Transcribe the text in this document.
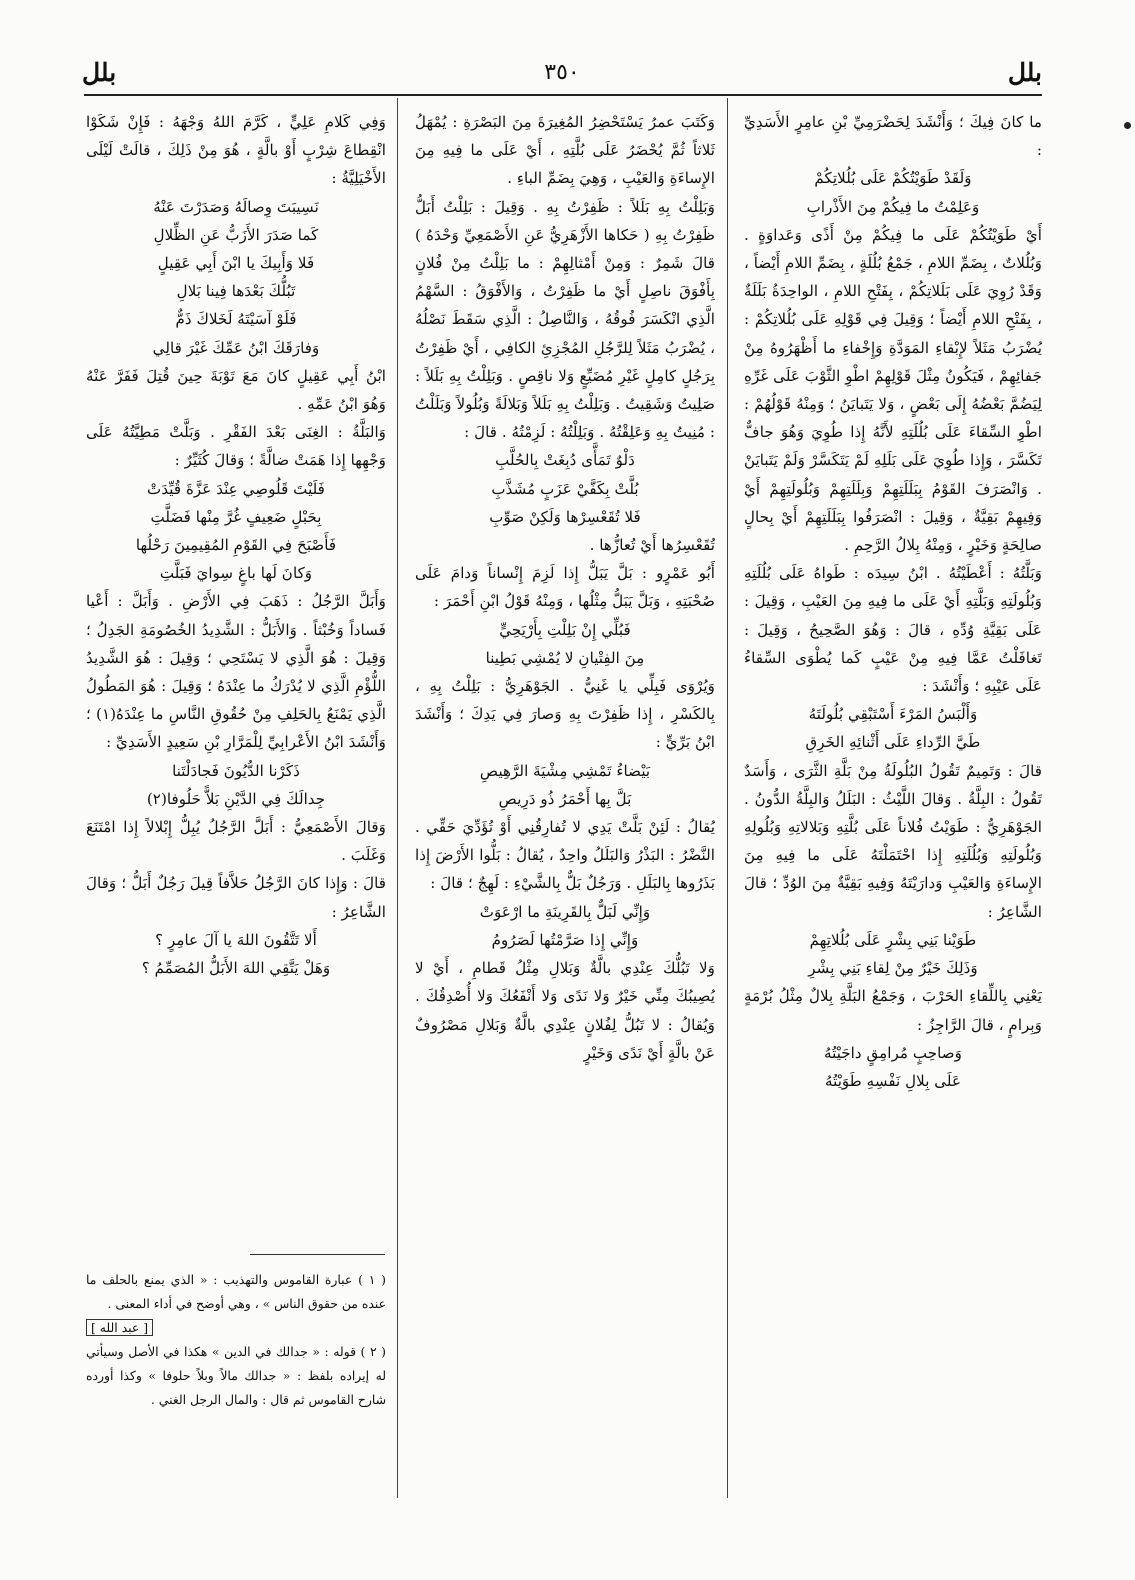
بلل
٣٥٠
بلل

ما كانَ فِيكَ ؛ وَأَنْشَدَ لِحَضْرَمِيِّ بْنِ عامِرٍ الأَسَدِيِّ :

وَلَقَدْ طَوَيْتُكُمْ عَلَى بُلُلاتِكُمْ

وَعَلِمْتُ ما فِيكُمْ مِنَ الأَذْرابِ

أَيْ طَوَيْتُكُمْ عَلَى ما فِيكُمْ مِنْ أَذًى وَعَداوَةٍ . وَبُلُلاتٌ ، بِضَمِّ اللامِ ، جَمْعُ بُلُلَةٍ ، بِضَمِّ اللامِ أَيْضاً ، وَقَدْ رُوِيَ عَلَى بَلَلاتِكُمْ ، بِفَتْحِ اللامِ ، الواحِدَةُ بَلَلَةٌ ، بِفَتْحِ اللامِ أَيْضاً ؛ وَقِيلَ فِي قَوْلِهِ عَلَى بُلُلاتِكُمْ : يُضْرَبُ مَثَلاً لإِبْقاءِ المَوَدَّةِ وَإِخْفاءِ ما أَظْهَرُوهُ مِنْ جَفائِهِمْ ، فَيَكُونُ مِثْلَ قَوْلِهِمْ اطْوِ الثَّوْبَ عَلَى غَرِّهِ لِيَضُمَّ بَعْضُهُ إِلَى بَعْضٍ ، وَلا يَتَبايَنُ ؛ وَمِنْهُ قَوْلُهُمْ : اطْوِ السِّقاءَ عَلَى بُلُلَتِهِ لأَنَّهُ إِذا طُوِيَ وَهُوَ جافٌّ تَكَسَّرَ ، وَإِذا طُوِيَ عَلَى بَلَلِهِ لَمْ يَتَكَسَّرْ وَلَمْ يَتَبايَنْ . وَانْصَرَفَ القَوْمُ بِبَلَلَتِهِمْ وَبِلَلَتِهِمْ وَبُلُولَتِهِمْ أَيْ وَفِيهِمْ بَقِيَّةٌ ، وَقِيلَ : انْصَرَفُوا بِبَلَلَتِهِمْ أَيْ بِحالٍ صالِحَةٍ وَخَيْرٍ ، وَمِنْهُ بِلالُ الرَّحِمِ .

وَبَلَّتُهُ : أَعْطَيْتُهُ . ابْنُ سِيدَه : طَواهُ عَلَى بُلُلَتِهِ وَبُلُولَتِهِ وَبَلَّتِهِ أَيْ عَلَى ما فِيهِ مِنَ العَيْبِ ، وَقِيلَ : عَلَى بَقِيَّةِ وُدِّهِ ، قالَ : وَهُوَ الصَّحِيحُ ، وَقِيلَ : تَغافَلْتُ عَمَّا فِيهِ مِنْ عَيْبٍ كَما يُطْوَى السِّقاءُ عَلَى عَيْبِهِ ؛ وَأَنْشَدَ :

وَأَلْبَسُ المَرْءَ أَسْتَبْقِي بُلُولَتَهُ

طَيَّ الرِّداءِ عَلَى أَثْنائِهِ الخَرِقِ

قالَ : وَتَمِيمٌ تَقُولُ البُلُولَةُ مِنْ بَلَّةِ الثَّرَى ، وَأَسَدٌ تَقُولُ : البِلَّةُ . وَقالَ اللَّيْثُ : البَلَلُ وَالبِلَّةُ الدُّونُ . الجَوْهَرِيُّ : طَوَيْتُ فُلاناً عَلَى بُلَّتِهِ وَبَلالاتِهِ وَبُلُولِهِ وَبُلُولَتِهِ وَبُلُلَتِهِ إِذا احْتَمَلْتَهُ عَلَى ما فِيهِ مِنَ الإِساءَةِ وَالعَيْبِ وَدارَيْتَهُ وَفِيهِ بَقِيَّةٌ مِنَ الوُدِّ ؛ قالَ الشَّاعِرُ :

طَوَيْنا بَنِي بِشْرٍ عَلَى بُلُلاتِهِمْ

وَذَلِكَ خَيْرٌ مِنْ لِقاءِ بَنِي بِشْرِ

يَعْنِي بِاللِّقاءِ الحَرْبَ ، وَجَمْعُ البَلَّةِ بِلالٌ مِثْلُ بُرْمَةٍ وَبِرامٍ ، قالَ الرَّاجِزُ :

وَصاحِبٍ مُرامِقٍ داجَيْتُهُ

عَلَى بِلالِ نَفْسِهِ طَوَيْتُهُ

وَكَتَبَ عمرُ يَسْتَحْضِرُ المُغِيرَةَ مِنَ البَصْرَةِ : يُمْهَلُ ثَلاثاً ثُمَّ يُحْضَرُ عَلَى بُلَّتِهِ ، أَيْ عَلَى ما فِيهِ مِنَ الإِساءَةِ وَالعَيْبِ ، وَهِيَ بِضَمِّ الباءِ .

وَبَلِلْتُ بِهِ بَلَلاً : ظَفِرْتُ بِهِ . وَقِيلَ : بَلِلْتُ أَبَلُّ ظَفِرْتُ بِهِ ( حَكاها الأَزْهَرِيُّ عَنِ الأَصْمَعِيِّ وَحْدَهُ ) قالَ شَمِرٌ : وَمِنْ أَمْثالِهِمْ : ما بَلِلْتُ مِنْ فُلانٍ بِأَفْوَقَ ناصِلٍ أَيْ ما ظَفِرْتُ ، وَالأَفْوَقُ : السَّهْمُ الَّذِي انْكَسَرَ فُوقُهُ ، وَالنَّاصِلُ : الَّذِي سَقَطَ نَصْلُهُ ، يُضْرَبُ مَثَلاً لِلرَّجُلِ المُجْزِئِ الكافِي ، أَيْ ظَفِرْتُ بِرَجُلٍ كامِلٍ غَيْرِ مُضَيِّعٍ وَلا ناقِصٍ . وَبَلِلْتُ بِهِ بَلَلاً : صَلِيتُ وَشَقِيتُ . وَبَلِلْتُ بِهِ بَلَلاً وَبَلالَةً وَبُلُولاً وَبَلَلْتُ : مُنِيتُ بِهِ وَعَلِقْتُهُ . وَبَلِلْتُهُ : لَزِمْتُهُ . قالَ :

دَلْوٌ تَمَأَّى دُبِغَتْ بِالحُلَّبِ

بُلَّتْ بِكَفَّيْ عَزَبٍ مُشَذَّبِ

فَلا تُقَعْسِرْها وَلَكِنْ صَوِّبِ

تُقَعْسِرُها أَيْ تُعازُّها .

أَبُو عَمْرٍو : بَلَّ يَبَلُّ إِذا لَزِمَ إِنْساناً وَدامَ عَلَى صُحْبَتِهِ ، وَبَلَّ يَبَلُّ مِثْلُها ، وَمِنْهُ قَوْلُ ابْنِ أَحْمَرَ :

فَبُلِّي إِنْ بَلِلْتِ بِأَرْيَحِيٍّ

مِنَ الفِتْيانِ لا يُمْشِي بَطِينا

وَيُرْوَى فَبِلِّي يا غَنِيُّ . الجَوْهَرِيُّ : بَلِلْتُ بِهِ ، بِالكَسْرِ ، إِذا ظَفِرْتَ بِهِ وَصارَ فِي يَدِكَ ؛ وَأَنْشَدَ ابْنُ بَرِّيٍّ :

بَيْضاءُ تَمْشِي مِشْيَةَ الرَّهِيصِ

بَلَّ بِها أَحْمَرُ ذُو دَرِيصِ

يُقالُ : لَئِنْ بَلَّتْ يَدِي لا تُفارِقُنِي أَوْ تُؤَدِّيَ حَقِّي . النَّضْرُ : البَذْرُ وَالبَلَلُ واحِدٌ ، يُقالُ : بَلُّوا الأَرْضَ إِذا بَذَرُوها بِالبَلَلِ . وَرَجُلٌ بَلٌّ بِالشَّيْءِ : لَهِجٌ ؛ قالَ :

وَإِنِّي لَبَلٌّ بِالقَرِينَةِ ما ارْعَوَتْ

وَإِنِّي إِذا صَرَّمْتُها لَصَرُومُ

وَلا تَبُلُّكَ عِنْدِي بالَّةٌ وَبَلالِ مِثْلُ قَطامِ ، أَيْ لا يُصِيبُكَ مِنِّي خَيْرٌ وَلا نَدًى وَلا أَنْفَعُكَ وَلا أُصْدِقُكَ . وَيُقالُ : لا تَبُلُّ لِفُلانٍ عِنْدِي بالَّةٌ وَبَلالِ مَصْرُوفٌ عَنْ بالَّةٍ أَيْ نَدًى وَخَيْرٍ

وَفِي كَلامِ عَلِيٍّ ، كَرَّمَ اللهُ وَجْهَهُ : فَإِنْ شَكَوْا انْقِطاعَ شِرْبٍ أَوْ بالَّةٍ ، هُوَ مِنْ ذَلِكَ ، قالَتْ لَيْلَى الأَخْيَلِيَّةُ :

نَسِيبَتَ وِصالَهُ وَصَدَرْتَ عَنْهُ

كَما صَدَرَ الأَزَبُّ عَنِ الظِّلالِ

فَلا وَأَبِيكَ يا ابْنَ أَبِي عَقِيلٍ

تَبُلُّكَ بَعْدَها فِينا بَلالِ

فَلَوْ آسَيْتَهُ لَخَلاكَ ذَمٌّ

وَفارَقَكَ ابْنُ عَمِّكَ غَيْرَ قالِي

ابْنُ أَبِي عَقِيلٍ كانَ مَعَ تَوْبَةَ حِينَ قُتِلَ فَفَرَّ عَنْهُ وَهُوَ ابْنُ عَمِّهِ .

وَالبَلَّةُ : الغِنَى بَعْدَ الفَقْرِ . وَبَلَّتْ مَطِيَّتُهُ عَلَى وَجْهِها إِذا هَمَتْ ضالَّةً ؛ وَقالَ كُثَيِّرٌ :

فَلَيْتَ قَلُوصِي عِنْدَ عَزَّةَ قُيِّدَتْ

بِحَبْلٍ ضَعِيفٍ غُرَّ مِنْها فَضَلَّتِ

فَأَصْبَحَ فِي القَوْمِ المُقِيمِينَ رَحْلُها

وَكانَ لَها باغٍ سِوايَ فَبَلَّتِ

وَأَبَلَّ الرَّجُلُ : ذَهَبَ فِي الأَرْضِ . وَأَبَلَّ : أَعْيا فَساداً وَخُبْثاً . وَالأَبَلُّ : الشَّدِيدُ الخُصُومَةِ الجَدِلُ ؛ وَقِيلَ : هُوَ الَّذِي لا يَسْتَحِي ؛ وَقِيلَ : هُوَ الشَّدِيدُ اللُّؤْمِ الَّذِي لا يُدْرَكُ ما عِنْدَهُ ؛ وَقِيلَ : هُوَ المَطُولُ الَّذِي يَمْنَعُ بِالحَلِفِ مِنْ حُقُوقِ النَّاسِ ما عِنْدَهُ(١) ؛ وَأَنْشَدَ ابْنُ الأَعْرابِيِّ لِلْمَرَّارِ بْنِ سَعِيدٍ الأَسَدِيِّ :

ذَكَرْنا الدُّيُونَ فَجادَلْتَنا

جِدالَكَ فِي الدَّيْنِ بَلاًّ حَلُوفا(٢)

وَقالَ الأَصْمَعِيُّ : أَبَلَّ الرَّجُلُ يُبِلُّ إِبْلالاً إِذا امْتَنَعَ وَغَلَبَ .

قالَ : وَإِذا كانَ الرَّجُلُ حَلاَّفاً قِيلَ رَجُلٌ أَبَلُّ ؛ وَقالَ الشَّاعِرُ :

أَلا تَتَّقُونَ اللهَ يا آلَ عامِرٍ ؟

وَهَلْ يَتَّقِي اللهَ الأَبَلُّ المُصَمِّمُ ؟

( ١ ) عبارة القاموس والتهذيب : « الذي يمنع بالحلف ما عنده من حقوق الناس » ، وهي أوضح في أداء المعنى .

[ عبد الله ]

( ٢ ) قوله : « جدالك في الدين » هكذا في الأصل وسيأتي له إيراده بلفظ : « جدالك مالاً وبلاً حلوفا » وكذا أورده شارح القاموس ثم قال : والمال الرجل الغني .
